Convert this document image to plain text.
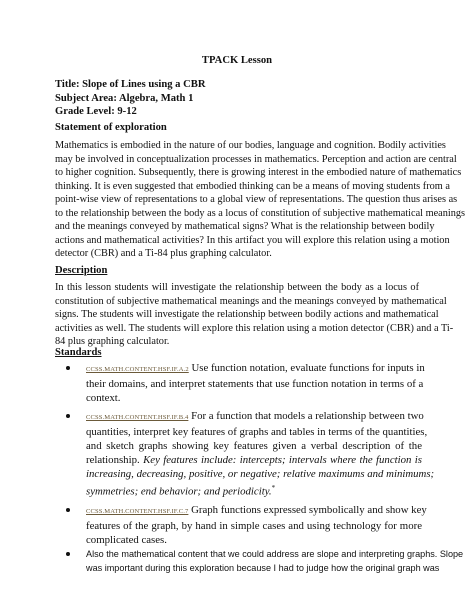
TPACK Lesson
Title: Slope of Lines using a CBR
Subject Area: Algebra, Math 1
Grade Level: 9-12
Statement of exploration

Mathematics is embodied in the nature of our bodies, language and cognition. Bodily activities
may be involved in conceptualization processes in mathematics. Perception and action are central
to higher cognition. Subsequently, there is growing interest in the embodied nature of mathematics
thinking. It is even suggested that embodied thinking can be a means of moving students from a
point-wise view of representations to a global view of representations. The question thus arises as
to the relationship between the body as a locus of constitution of subjective mathematical meanings
and the meanings conveyed by mathematical signs? What is the relationship between bodily
actions and mathematical activities? In this artifact you will explore this relation using a motion
detector (CBR) and a Ti-84 plus graphing calculator.

Description

In this lesson students will investigate the relationship between the body as a locus of
constitution of subjective mathematical meanings and the meanings conveyed by mathematical
signs. The students will investigate the relationship between bodily actions and mathematical
activities as well. The students will explore this relation using a motion detector (CBR) and a Ti-
84 plus graphing calculator.

Standards
CCSS.MATH.CONTENT.HSF.IF.A.2 Use function notation, evaluate functions for inputs in
their domains, and interpret statements that use function notation in terms of a
context.
CCSS.MATH.CONTENT.HSF.IF.B.4 For a function that models a relationship between two
quantities, interpret key features of graphs and tables in terms of the quantities,
and sketch graphs showing key features given a verbal description of the
relationship. Key features include: intercepts; intervals where the function is
increasing, decreasing, positive, or negative; relative maximums and minimums;
symmetries; end behavior; and periodicity.*
CCSS.MATH.CONTENT.HSF.IF.C.7 Graph functions expressed symbolically and show key
features of the graph, by hand in simple cases and using technology for more
complicated cases.
Also the mathematical content that we could address are slope and interpreting graphs. Slope
was important during this exploration because I had to judge how the original graph was
